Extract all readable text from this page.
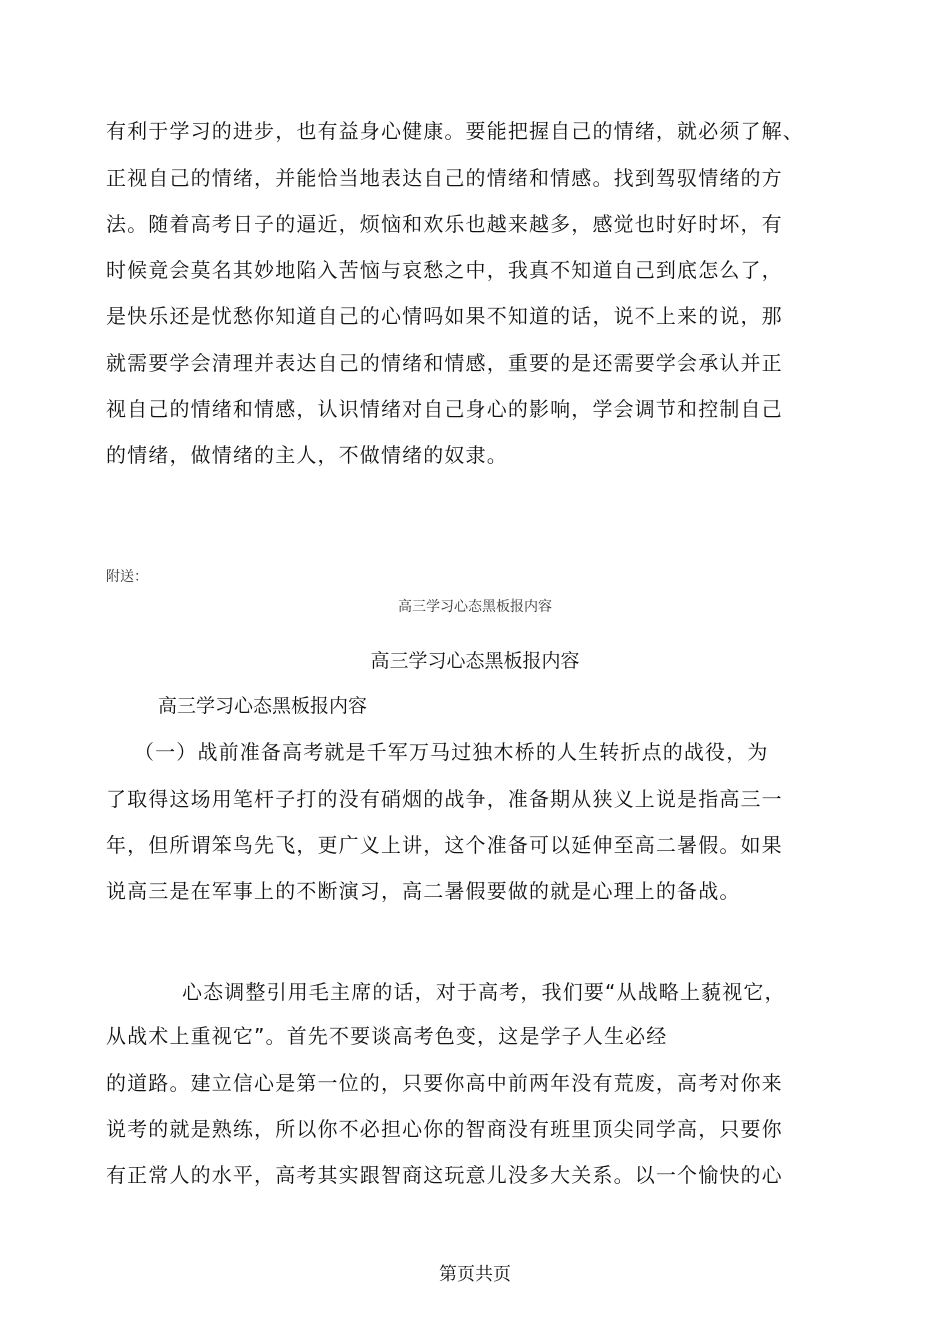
有利于学习的进步，也有益身心健康。要能把握自己的情绪，就必须了解、
正视自己的情绪，并能恰当地表达自己的情绪和情感。找到驾驭情绪的方
法。随着高考日子的逼近，烦恼和欢乐也越来越多，感觉也时好时坏，有
时候竟会莫名其妙地陷入苦恼与哀愁之中，我真不知道自己到底怎么了，
是快乐还是忧愁你知道自己的心情吗如果不知道的话，说不上来的说，那
就需要学会清理并表达自己的情绪和情感，重要的是还需要学会承认并正
视自己的情绪和情感，认识情绪对自己身心的影响，学会调节和控制自己
的情绪，做情绪的主人，不做情绪的奴隶。
附送：
高三学习心态黑板报内容
高三学习心态黑板报内容
高三学习心态黑板报内容
（一）战前准备高考就是千军万马过独木桥的人生转折点的战役，为
了取得这场用笔杆子打的没有硝烟的战争，准备期从狭义上说是指高三一
年，但所谓笨鸟先飞，更广义上讲，这个准备可以延伸至高二暑假。如果
说高三是在军事上的不断演习，高二暑假要做的就是心理上的备战。
心态调整引用毛主席的话，对于高考，我们要“从战略上藐视它，
从战术上重视它”。首先不要谈高考色变，这是学子人生必经
的道路。建立信心是第一位的，只要你高中前两年没有荒废，高考对你来
说考的就是熟练，所以你不必担心你的智商没有班里顶尖同学高，只要你
有正常人的水平，高考其实跟智商这玩意儿没多大关系。以一个愉快的心
第页共页
